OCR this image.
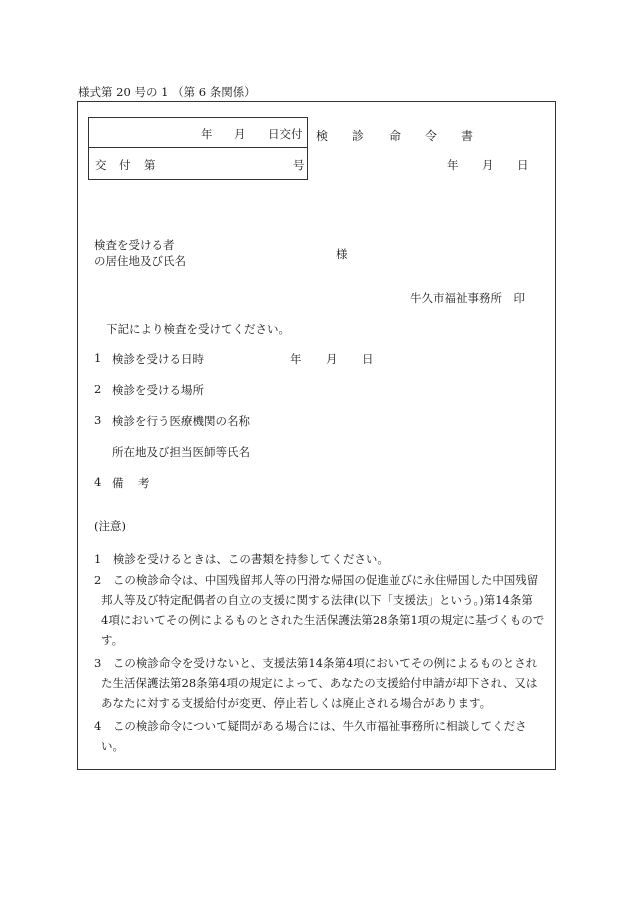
様式第 20 号の 1 （第 6 条関係）
年 月 日交付
交 付 第	号
検 診 命 令 書
年 月 日
検査を受ける者
の居住地及び氏名	様
牛久市福祉事務所　印
下記により検査を受けてください。
1 検診を受ける日時	年 月 日
2 検診を受ける場所
3 検診を行う医療機関の名称
所在地及び担当医師等氏名
4 備 考
(注意)
1　検診を受けるときは、この書類を持参してください。
2　この検診命令は、中国残留邦人等の円滑な帰国の促進並びに永住帰国した中国残留
邦人等及び特定配偶者の自立の支援に関する法律(以下「支援法」という。)第14条第
4項においてその例によるものとされた生活保護法第28条第1項の規定に基づくもので
す。
3　この検診命令を受けないと、支援法第14条第4項においてその例によるものとされ
た生活保護法第28条第4項の規定によって、あなたの支援給付申請が却下され、又は
あなたに対する支援給付が変更、停止若しくは廃止される場合があります。
4　この検診命令について疑問がある場合には、牛久市福祉事務所に相談してくださ
い。
